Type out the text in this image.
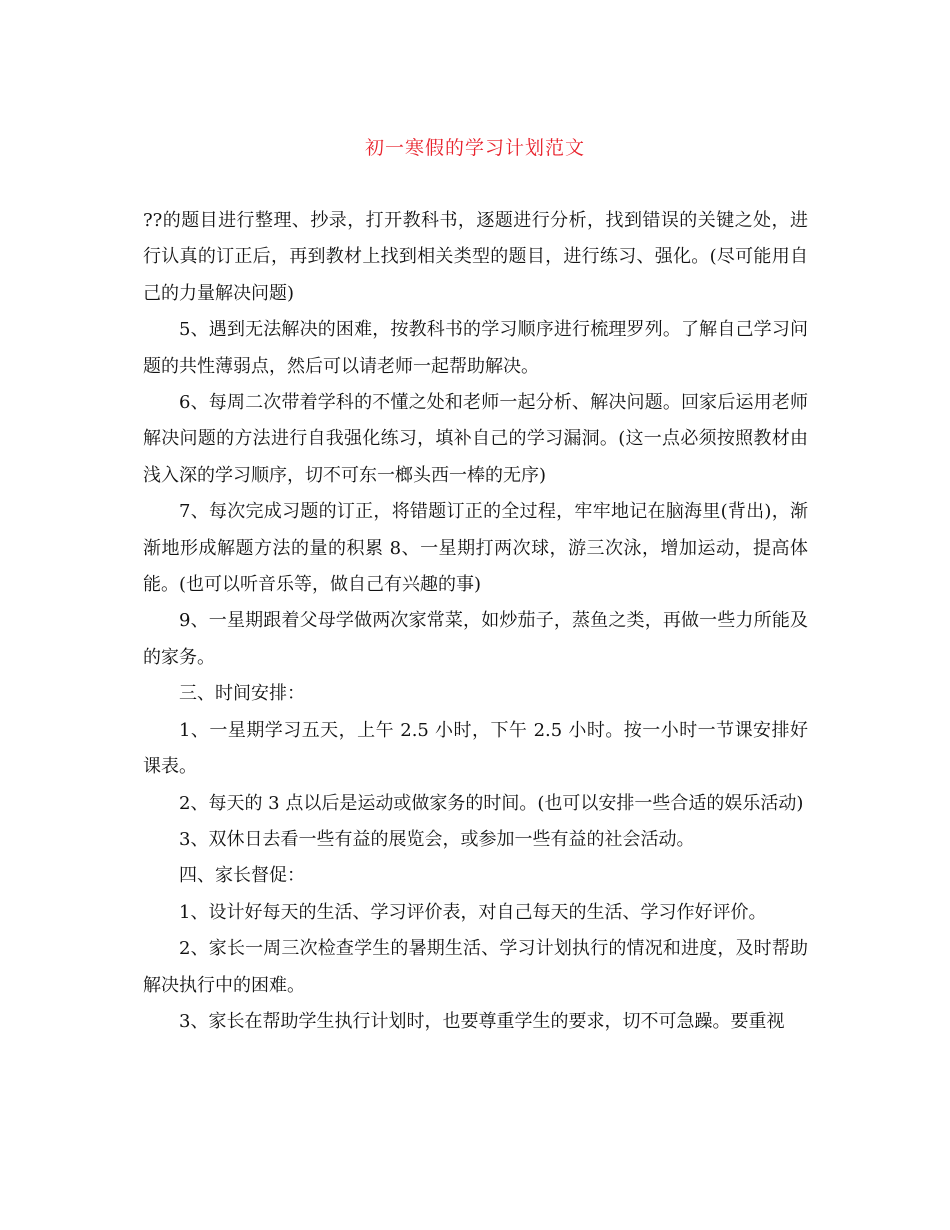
初一寒假的学习计划范文

??的题目进行整理、抄录，打开教科书，逐题进行分析，找到错误的关键之处，进行认真的订正后，再到教材上找到相关类型的题目，进行练习、强化。(尽可能用自己的力量解决问题)

5、遇到无法解决的困难，按教科书的学习顺序进行梳理罗列。了解自己学习问题的共性薄弱点，然后可以请老师一起帮助解决。

6、每周二次带着学科的不懂之处和老师一起分析、解决问题。回家后运用老师解决问题的方法进行自我强化练习，填补自己的学习漏洞。(这一点必须按照教材由浅入深的学习顺序，切不可东一榔头西一棒的无序)

7、每次完成习题的订正，将错题订正的全过程，牢牢地记在脑海里(背出)，渐渐地形成解题方法的量的积累 8、一星期打两次球，游三次泳，增加运动，提高体能。(也可以听音乐等，做自己有兴趣的事)

9、一星期跟着父母学做两次家常菜，如炒茄子，蒸鱼之类，再做一些力所能及的家务。

三、时间安排：

1、一星期学习五天，上午 2.5 小时，下午 2.5 小时。按一小时一节课安排好课表。

2、每天的 3 点以后是运动或做家务的时间。(也可以安排一些合适的娱乐活动)

3、双休日去看一些有益的展览会，或参加一些有益的社会活动。

四、家长督促：

1、设计好每天的生活、学习评价表，对自己每天的生活、学习作好评价。

2、家长一周三次检查学生的暑期生活、学习计划执行的情况和进度，及时帮助解决执行中的困难。

3、家长在帮助学生执行计划时，也要尊重学生的要求，切不可急躁。要重视
